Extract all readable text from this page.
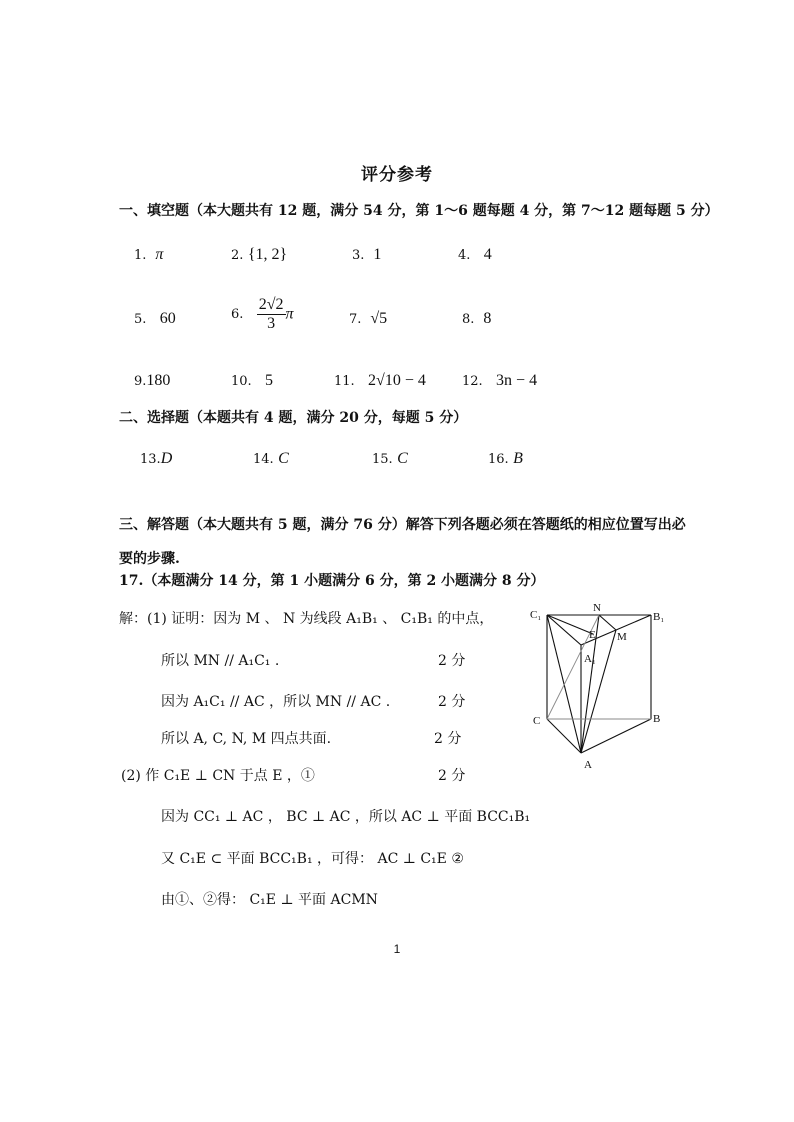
评分参考
一、填空题（本大题共有 12 题，满分 54 分，第 1～6 题每题 4 分，第 7～12 题每题 5 分）
1. π	2. {1, 2}	3. 1	4. 4
5. 60	6. $\frac{2√2}{3}$ π	7. √5	8. 8
9.180	10. 5	11. 2√10 − 4	12. 3n − 4
二、选择题（本题共有 4 题，满分 20 分，每题 5 分）
13.D	14. C	15. C	16. B
三、解答题（本大题共有 5 题，满分 76 分）解答下列各题必须在答题纸的相应位置写出必
要的步骤.
17.（本题满分 14 分，第 1 小题满分 6 分，第 2 小题满分 8 分）
解：(1) 证明：因为 M 、 N 为线段 A₁B₁ 、 C₁B₁ 的中点，
所以 MN // A₁C₁ .	2 分
因为 A₁C₁ // AC ，所以 MN // AC .	2 分
所以 A, C, N, M 四点共面.	2 分
(2) 作 C₁E ⊥ CN 于点 E ，①	2 分
因为 CC₁ ⊥ AC ， BC ⊥ AC ，所以 AC ⊥ 平面 BCC₁B₁
又 C₁E ⊂ 平面 BCC₁B₁ ，可得： AC ⊥ C₁E ②
由①、②得： C₁E ⊥ 平面 ACMN
C₁
N
B₁
E M
A₁
C	B
A
1
